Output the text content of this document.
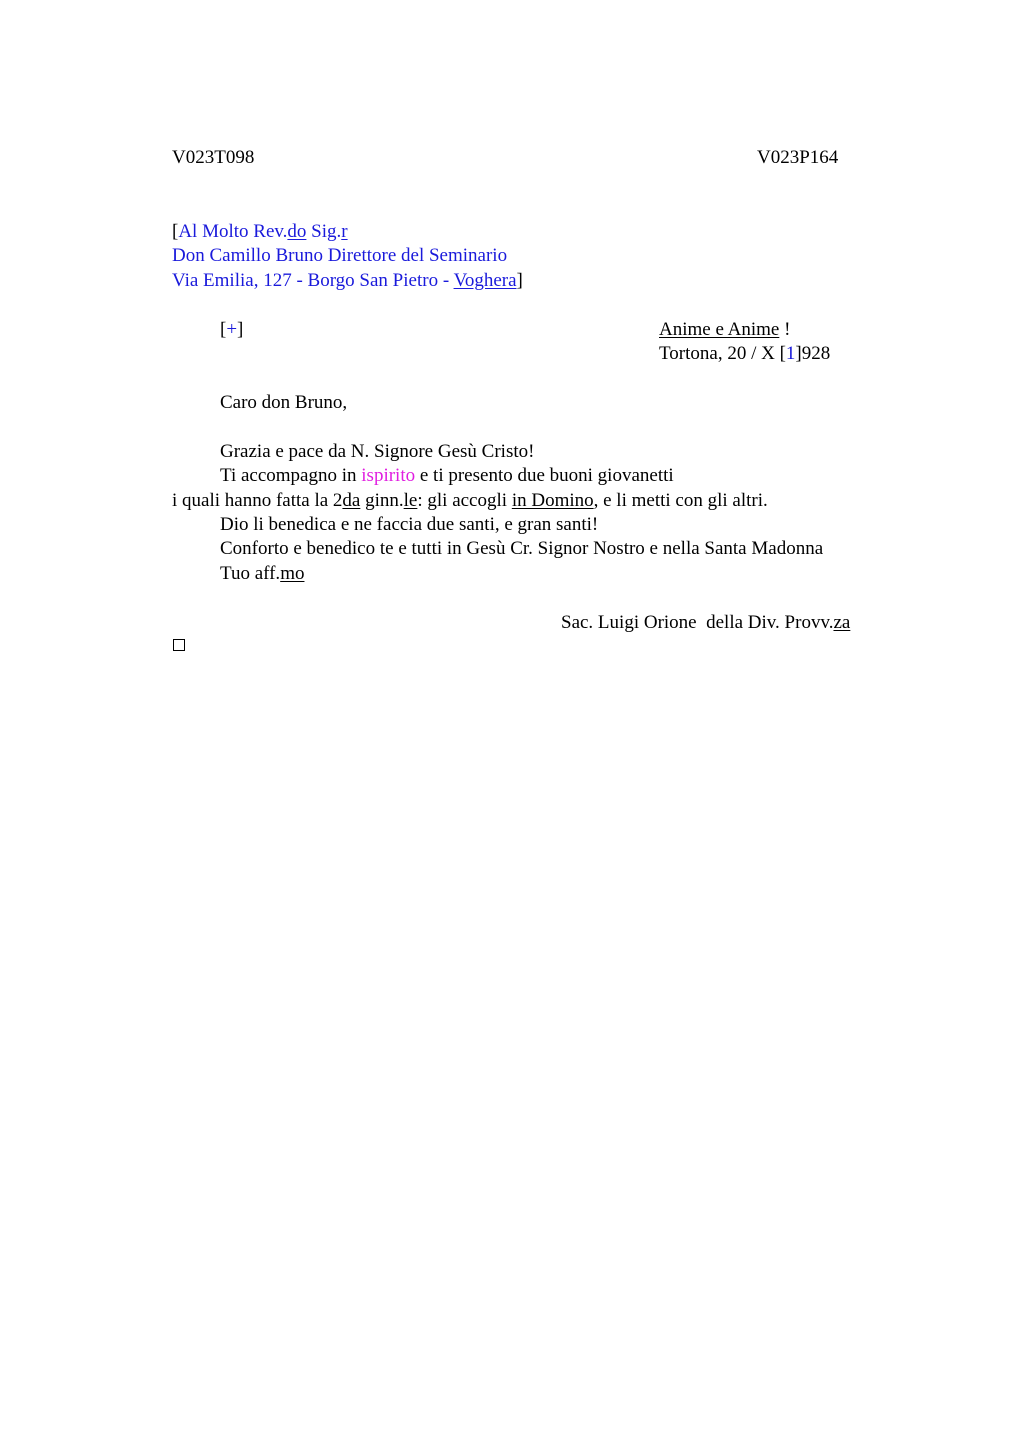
V023T098	V023P164
[Al Molto Rev.do Sig.r
Don Camillo Bruno Direttore del Seminario
Via Emilia, 127 - Borgo San Pietro - Voghera]
[+]	Anime e Anime !
Tortona, 20 / X [1]928
Caro don Bruno,
Grazia e pace da N. Signore Gesù Cristo!
Ti accompagno in ispirito e ti presento due buoni giovanetti
i quali hanno fatta la 2da ginn.le: gli accogli in Domino, e li metti con gli altri.
Dio li benedica e ne faccia due santi, e gran santi!
Conforto e benedico te e tutti in Gesù Cr. Signor Nostro e nella Santa Madonna
Tuo aff.mo
Sac. Luigi Orione  della Div. Provv.za
